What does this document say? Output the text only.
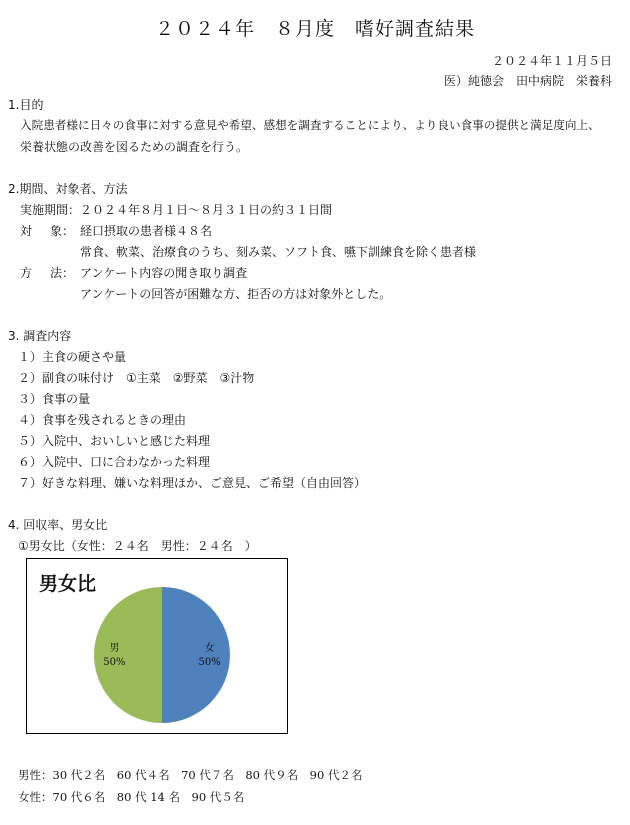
２０２４年　８月度　嗜好調査結果
２０２４年１１月５日
医）純徳会　田中病院　栄養科
1.目的
入院患者様に日々の食事に対する意見や希望、感想を調査することにより、より良い食事の提供と満足度向上、
栄養状態の改善を図るための調査を行う。
2.期間、対象者、方法
実施期間： ２０２４年８月１日～８月３１日の約３１日間
対 象： 経口摂取の患者様４８名
常食、軟菜、治療食のうち、刻み菜、ソフト食、嚥下訓練食を除く患者様
方 法： アンケート内容の聞き取り調査
アンケートの回答が困難な方、拒否の方は対象外とした。
3. 調査内容
１）主食の硬さや量
２）副食の味付け　①主菜　②野菜　③汁物
３）食事の量
４）食事を残されるときの理由
５）入院中、おいしいと感じた料理
６）入院中、口に合わなかった料理
７）好きな料理、嫌いな料理ほか、ご意見、ご希望（自由回答）
4. 回収率、男女比
①男女比（女性：２４名　男性：２４名　）
男女比
女
50%
男
50%
男性：30 代２名　60 代４名　70 代７名　80 代９名　90 代２名
女性：70 代６名　80 代 14 名　90 代５名
